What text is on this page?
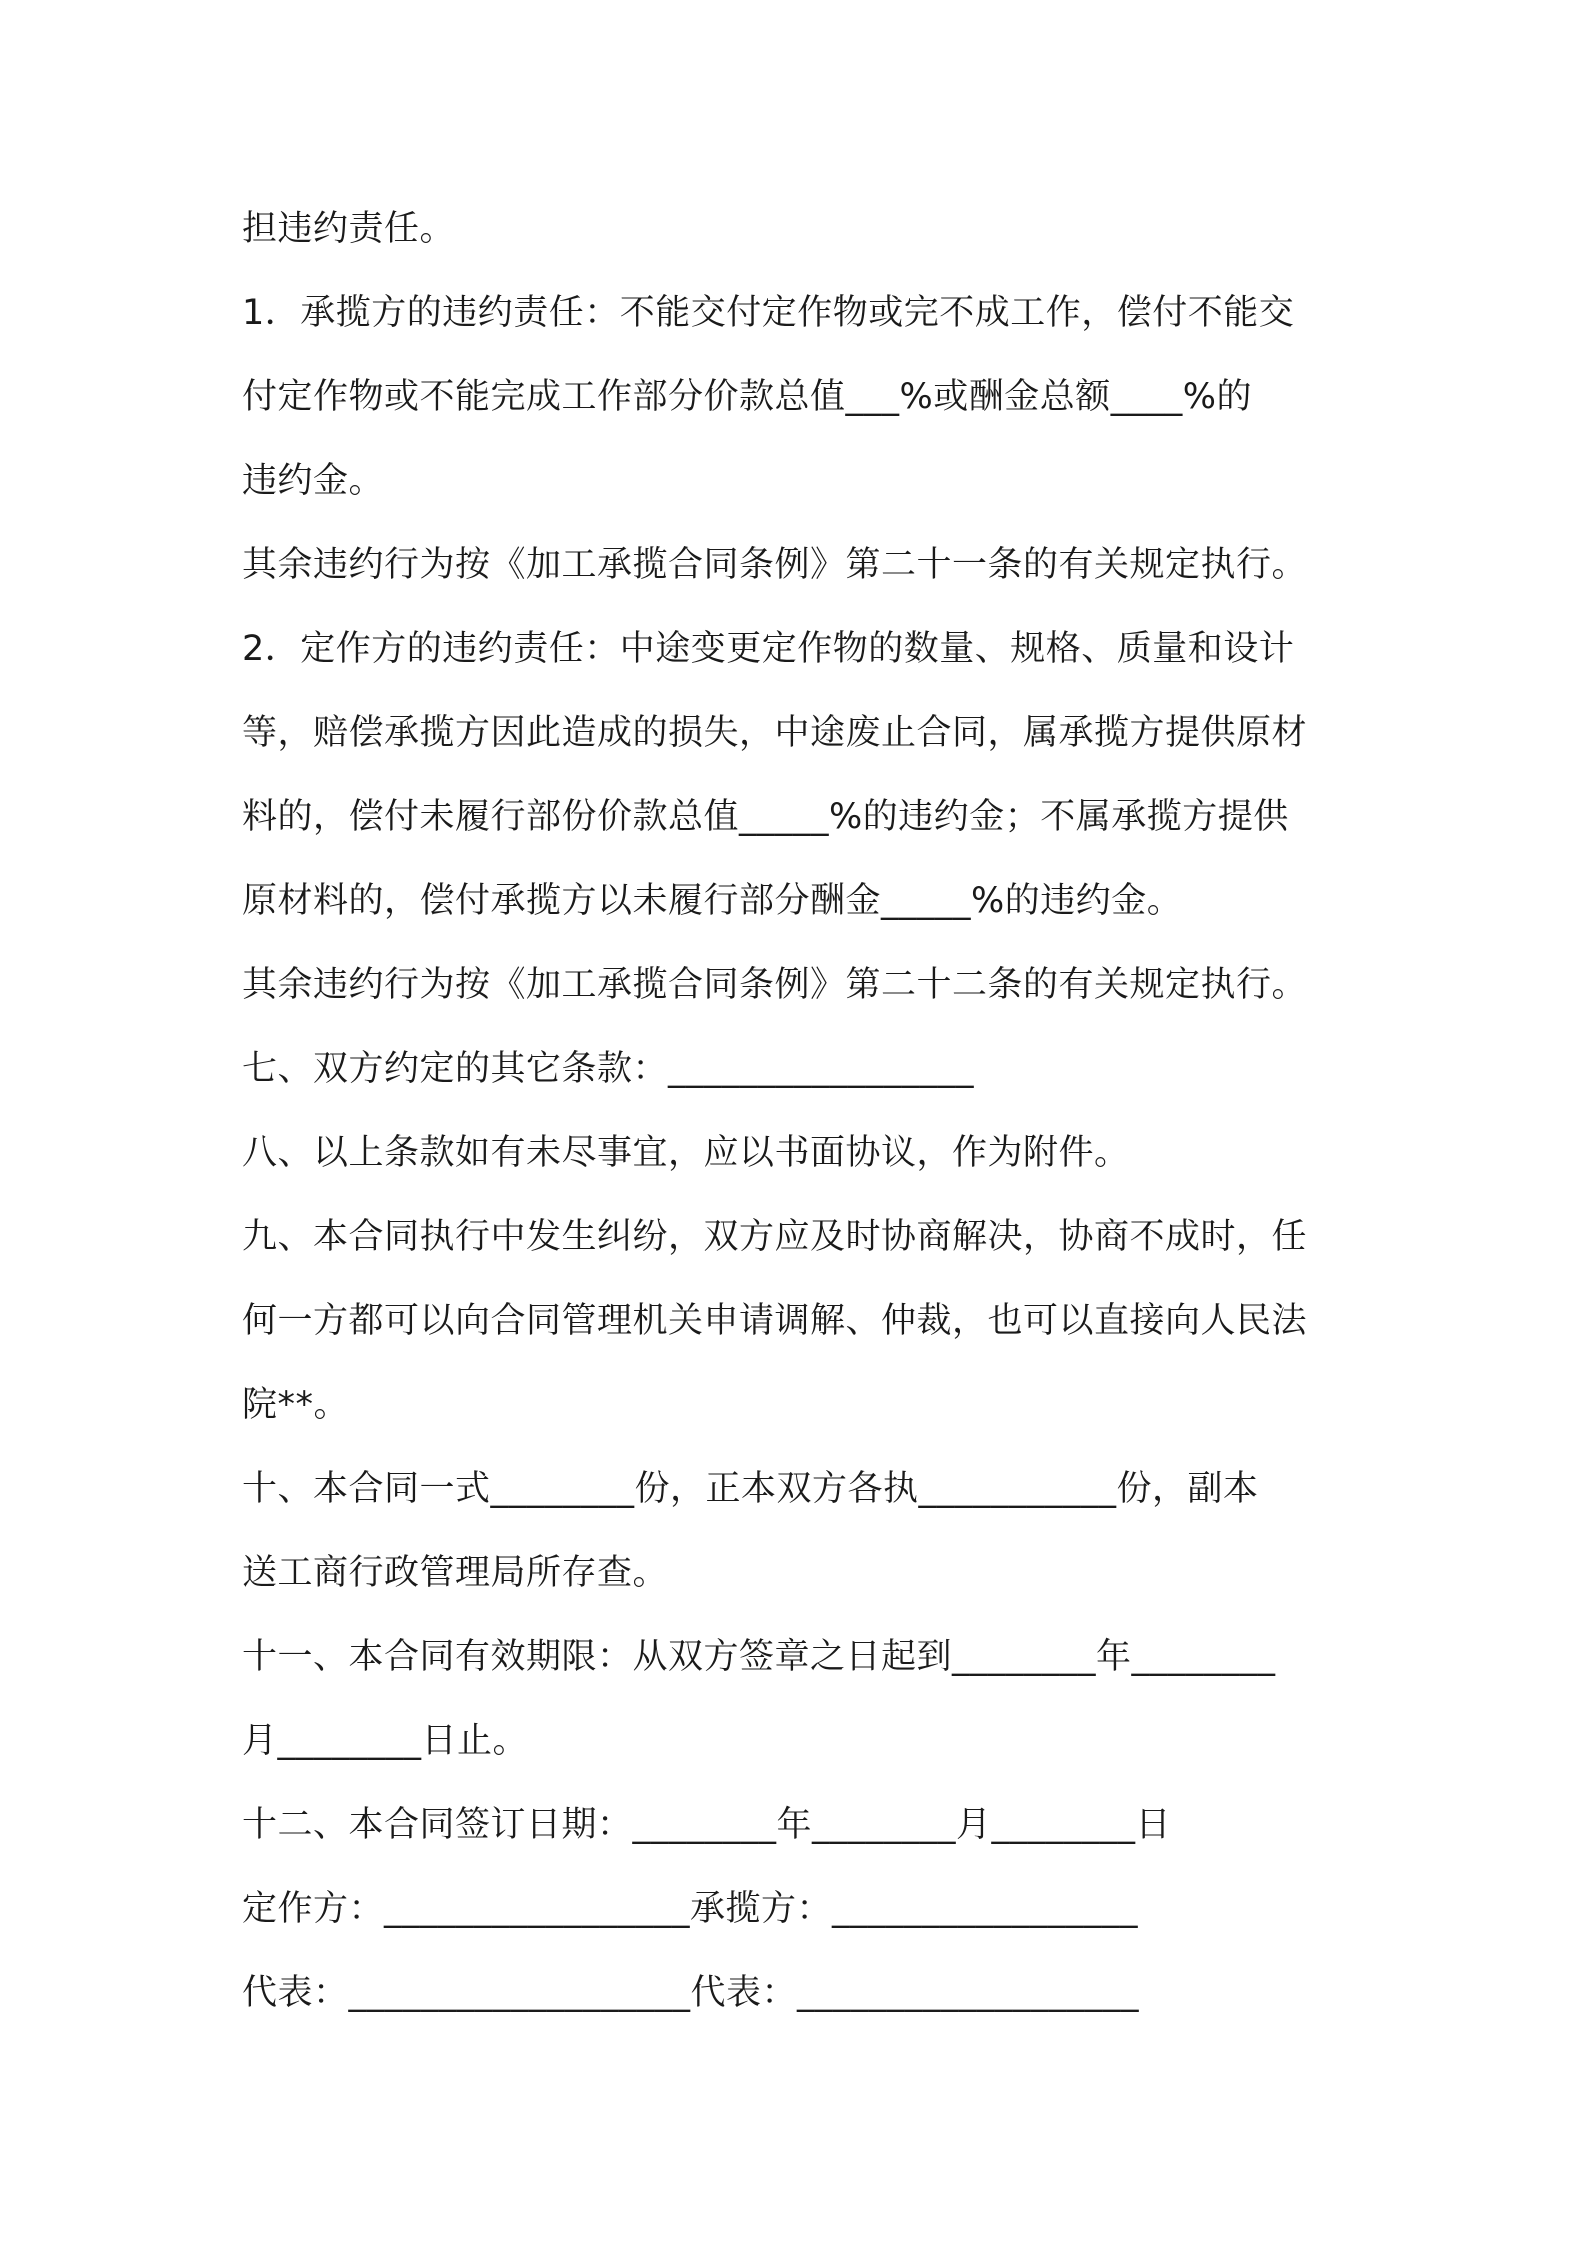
担违约责任。
1．承揽方的违约责任：不能交付定作物或完不成工作，偿付不能交
付定作物或不能完成工作部分价款总值___%或酬金总额____%的
违约金。
其余违约行为按《加工承揽合同条例》第二十一条的有关规定执行。
2．定作方的违约责任：中途变更定作物的数量、规格、质量和设计
等，赔偿承揽方因此造成的损失，中途废止合同，属承揽方提供原材
料的，偿付未履行部份价款总值_____%的违约金；不属承揽方提供
原材料的，偿付承揽方以未履行部分酬金_____%的违约金。
其余违约行为按《加工承揽合同条例》第二十二条的有关规定执行。
七、双方约定的其它条款：_________________
八、以上条款如有未尽事宜，应以书面协议，作为附件。
九、本合同执行中发生纠纷，双方应及时协商解决，协商不成时，任
何一方都可以向合同管理机关申请调解、仲裁，也可以直接向人民法
院**。
十、本合同一式________份，正本双方各执___________份，副本
送工商行政管理局所存查。
十一、本合同有效期限：从双方签章之日起到________年________
月________日止。
十二、本合同签订日期：________年________月________日
定作方：_________________承揽方：_________________
代表：___________________代表：___________________
